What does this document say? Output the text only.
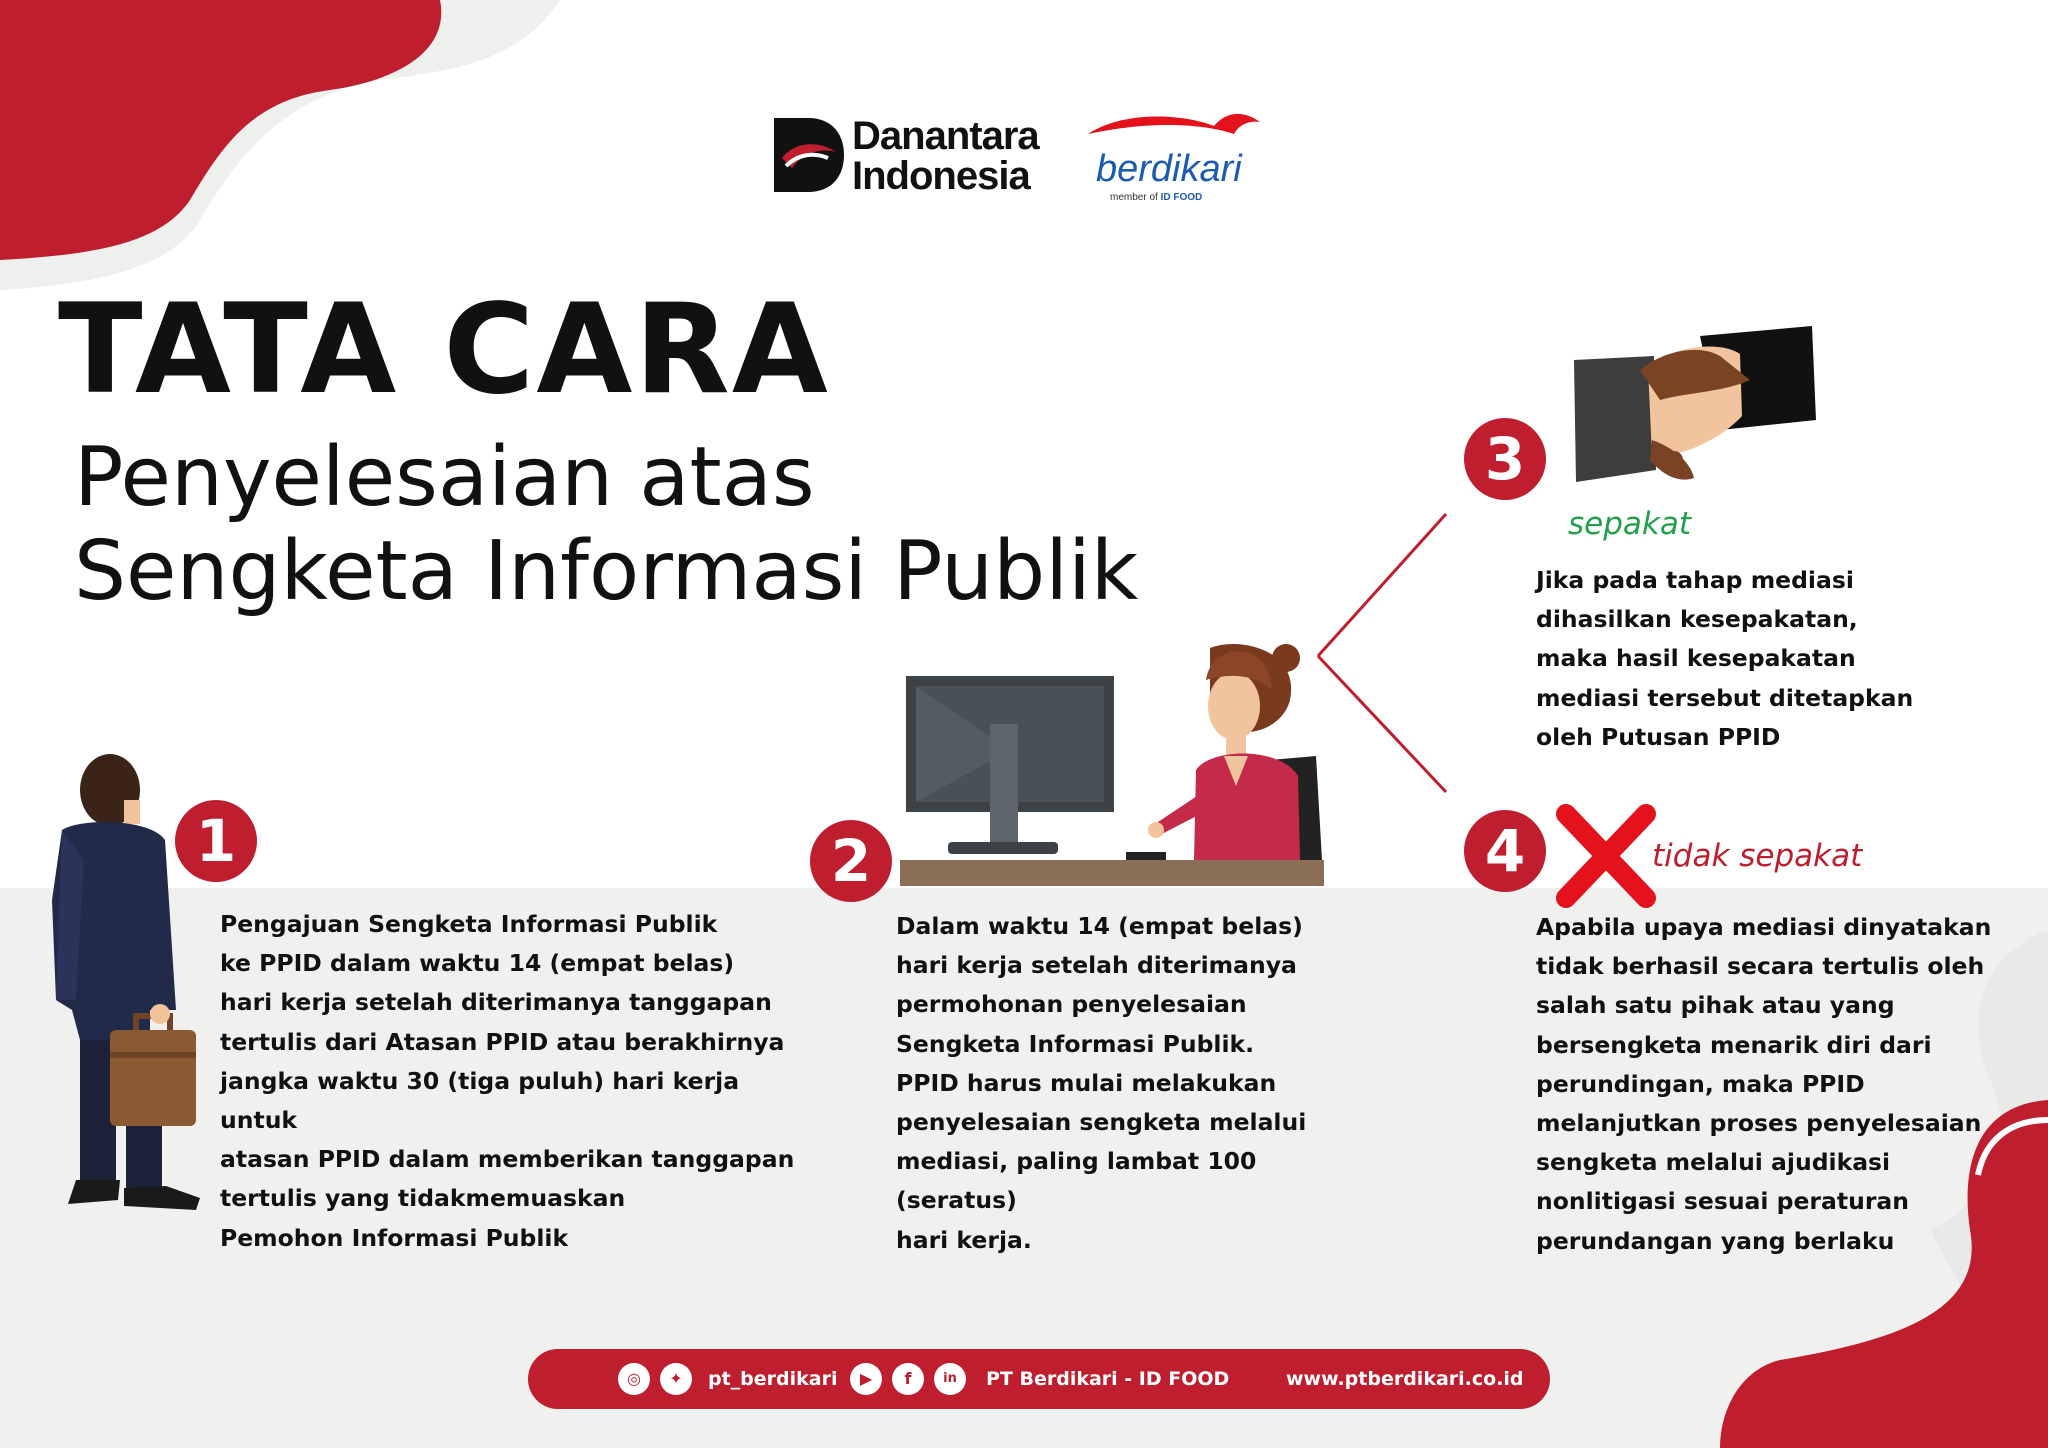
Danantara
Indonesia berdikari
member of ID FOOD
TATA CARA
Penyelesaian atas
Sengketa Informasi Publik
1
Pengajuan Sengketa Informasi Publik
ke PPID dalam waktu 14 (empat belas)
hari kerja setelah diterimanya tanggapan
tertulis dari Atasan PPID atau berakhirnya
jangka waktu 30 (tiga puluh) hari kerja untuk
atasan PPID dalam memberikan tanggapan
tertulis yang tidakmemuaskan
Pemohon Informasi Publik
2
Dalam waktu 14 (empat belas)
hari kerja setelah diterimanya
permohonan penyelesaian
Sengketa Informasi Publik.
PPID harus mulai melakukan
penyelesaian sengketa melalui
mediasi, paling lambat 100 (seratus)
hari kerja.
3
sepakat
Jika pada tahap mediasi
dihasilkan kesepakatan,
maka hasil kesepakatan
mediasi tersebut ditetapkan
oleh Putusan PPID
4	tidak sepakat
Apabila upaya mediasi dinyatakan
tidak berhasil secara tertulis oleh
salah satu pihak atau yang
bersengketa menarik diri dari
perundingan, maka PPID
melanjutkan proses penyelesaian
sengketa melalui ajudikasi
nonlitigasi sesuai peraturan
perundangan yang berlaku
◎	✦	pt_berdikari	▶	f	in	PT Berdikari - ID FOOD	www.ptberdikari.co.id
